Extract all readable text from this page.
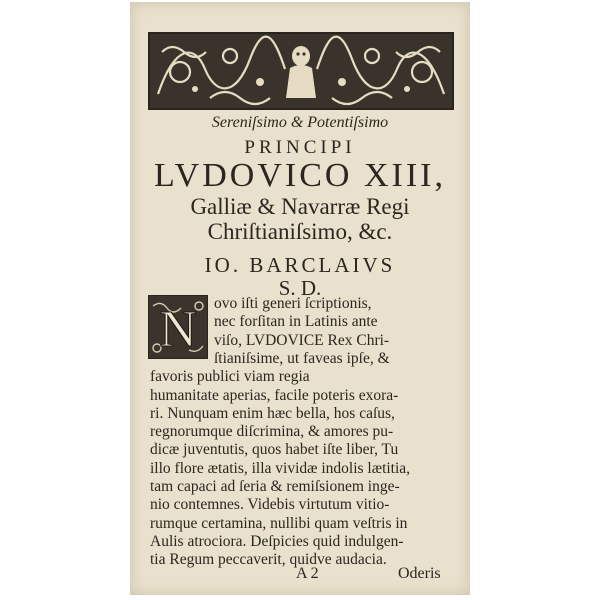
Sereniſsimo & Potentiſsimo
PRINCIPI
LVDOVICO XIII,
Galliæ & Navarræ Regi
Chriſtianiſsimo, &c.
IO. BARCLAIVS
S. D.
N ovo iſti generi ſcriptionis,
nec forſitan in Latinis ante
viſo, LVDOVICE Rex Chri-
ſtianiſsime, ut faveas ipſe, &
favoris publici viam regia
humanitate aperias, facile poteris exora-
ri. Nunquam enim hæc bella, hos caſus,
regnorumque diſcrimina, & amores pu-
dicæ juventutis, quos habet iſte liber, Tu
illo flore ætatis, illa vividæ indolis lætitia,
tam capaci ad ſeria & remiſsionem inge-
nio contemnes. Videbis virtutum vitio-
rumque certamina, nullibi quam veſtris in
A 2	Oderis
Aulis atrociora. Deſpicies quid indulgen-
tia Regum peccaverit, quidve audacia.
